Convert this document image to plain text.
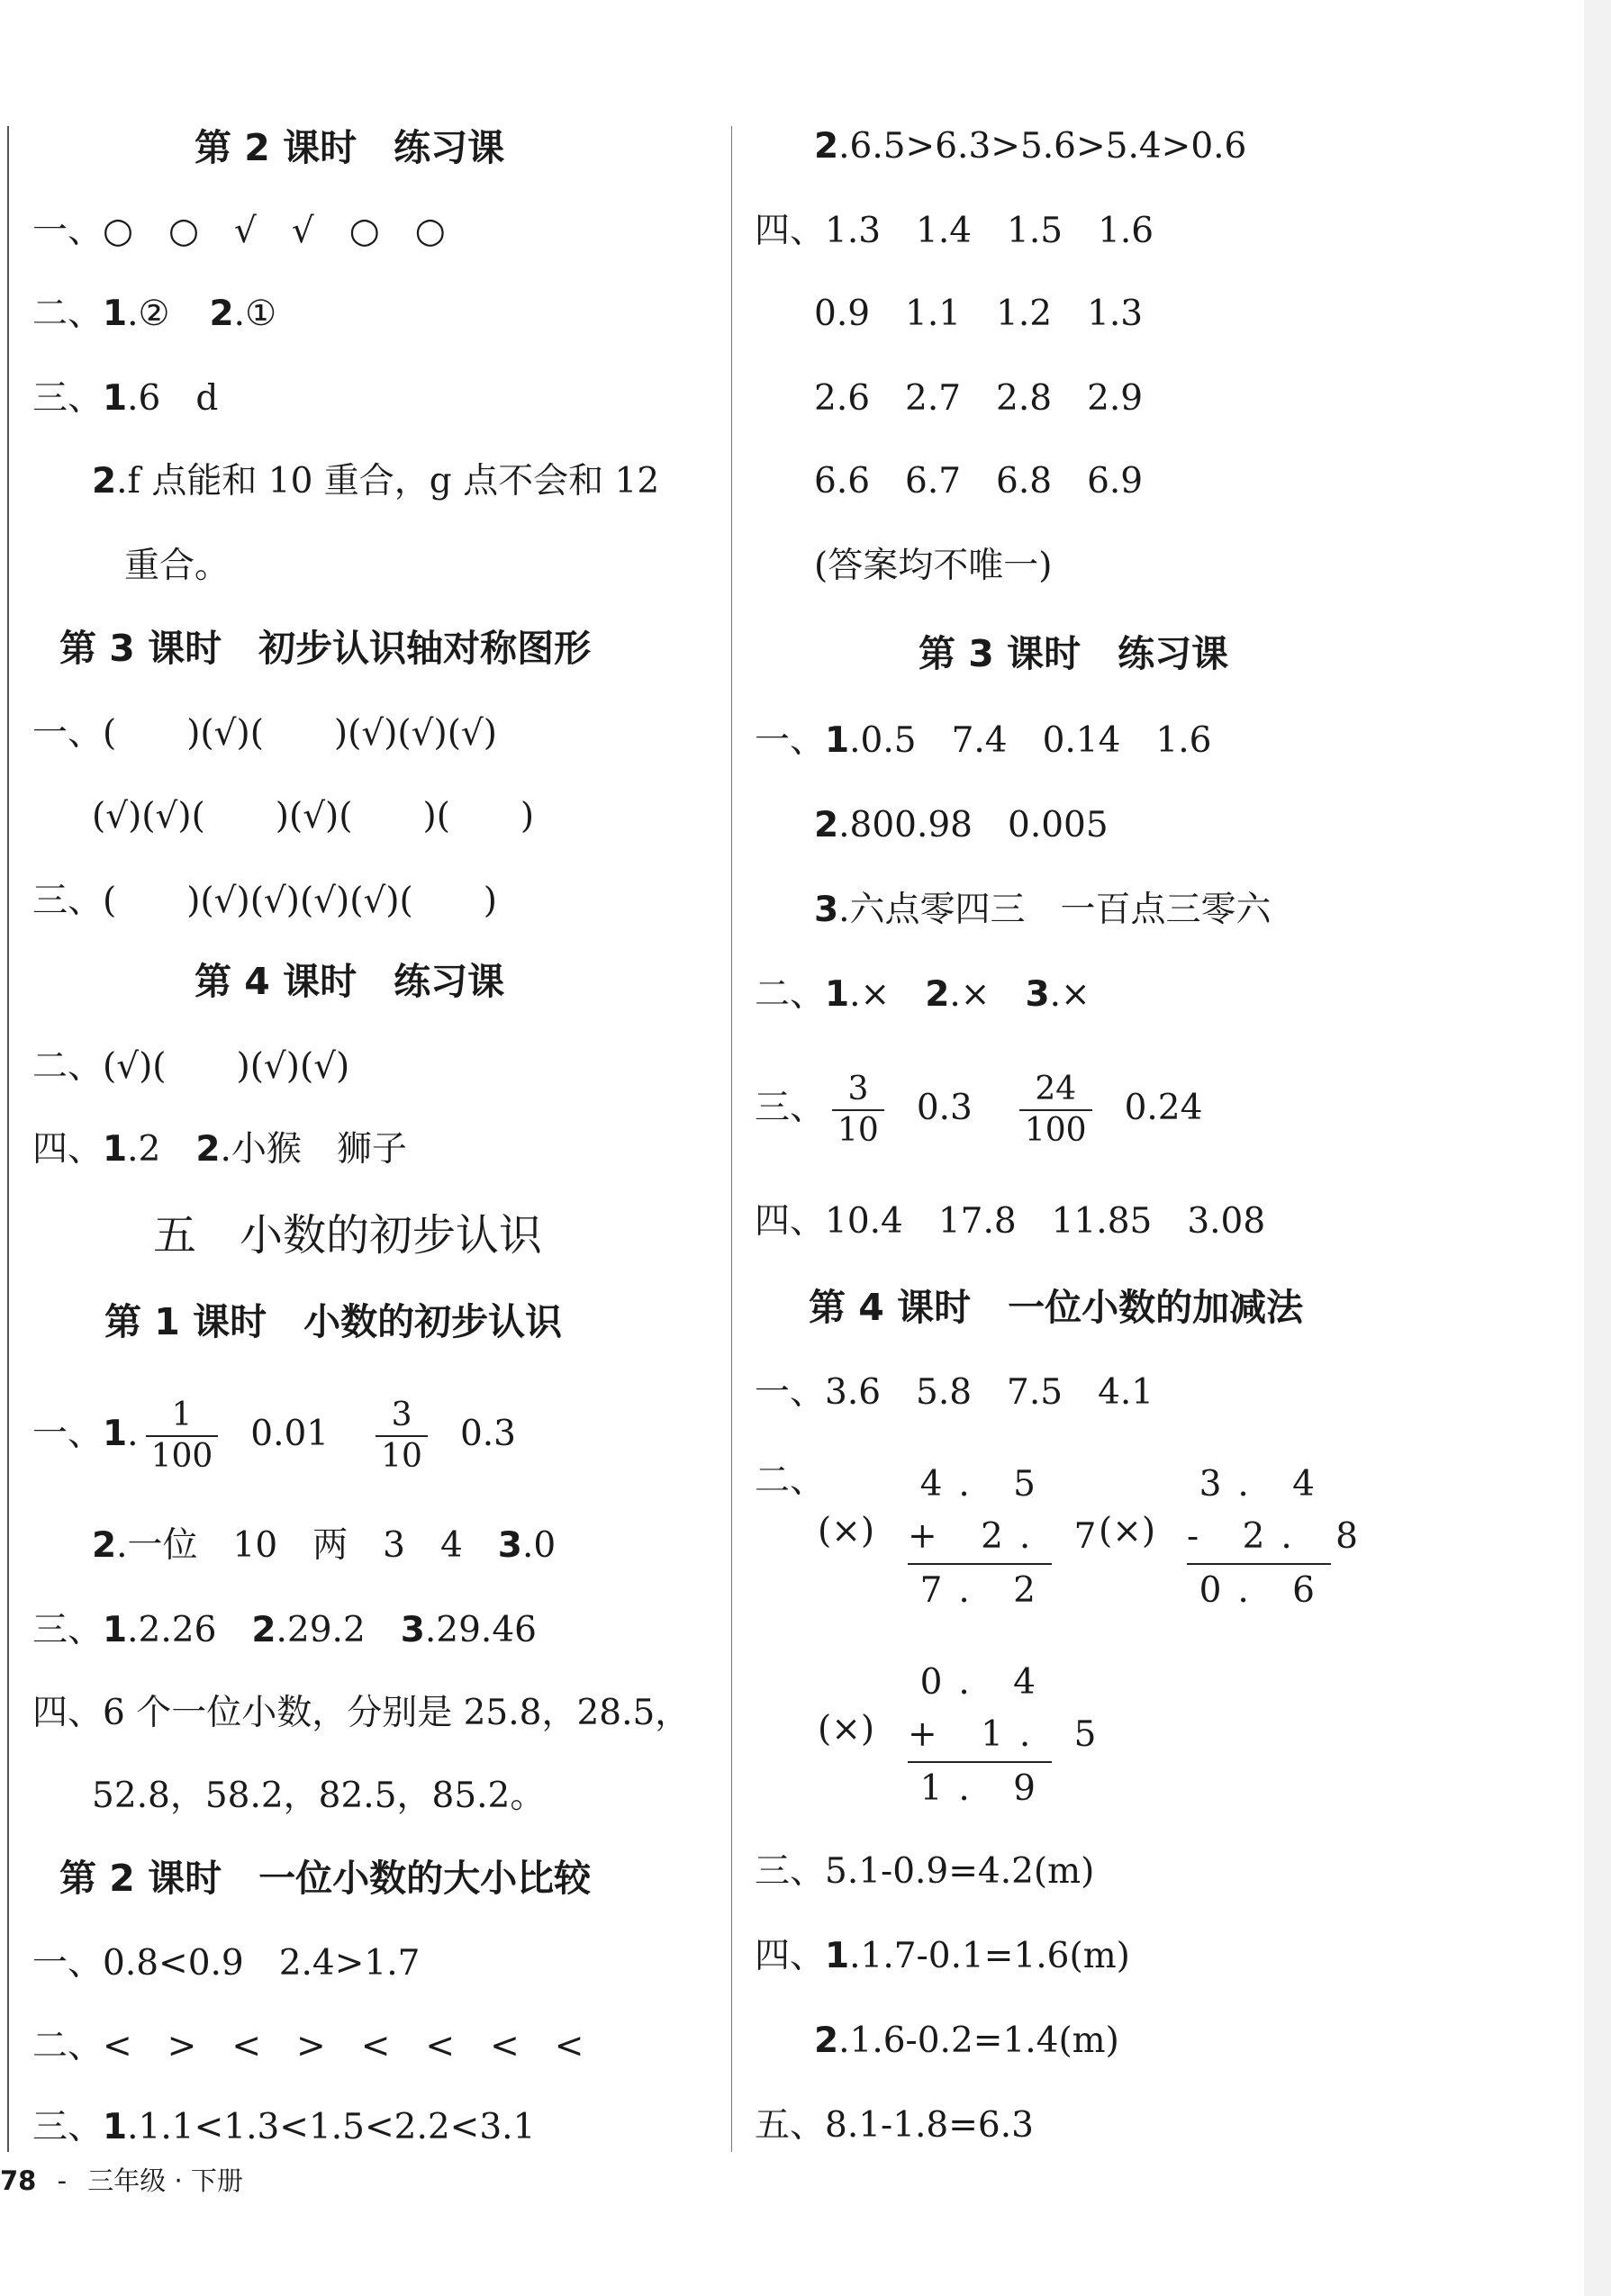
第 2 课时　练习课
一、○　○　√　√　○　○
二、1.② 2.①
三、1.6　d
2.f 点能和 10 重合，g 点不会和 12
重合。
第 3 课时　初步认识轴对称图形
一、(　　)(√)(　　)(√)(√)(√)
(√)(√)(　　)(√)(　　)(　　)
三、(　　)(√)(√)(√)(√)(　　)
第 4 课时　练习课
二、(√)(　　)(√)(√)
四、1.2　2.小猴　狮子
五　小数的初步认识
第 1 课时　小数的初步认识
一、1. $\frac{1}{100} 0.01 \frac{3}{10} 0.3$
2.一位　10　两　3　4　3.0
三、1.2.26　2.29.2　3.29.46
四、6 个一位小数，分别是 25.8，28.5，
52.8，58.2，82.5，85.2。
第 2 课时　一位小数的大小比较
一、0.8<0.9　2.4>1.7
二、<　>　<　>　<　<　<　<
三、1.1.1<1.3<1.5<2.2<3.1
2.6.5>6.3>5.6>5.4>0.6
四、1.3　1.4　1.5　1.6
0.9　1.1　1.2　1.3
2.6　2.7　2.8　2.9
6.6　6.7　6.8　6.9
(答案均不唯一)
第 3 课时　练习课
一、1.0.5　7.4　0.14　1.6
2.800.98　0.005
3.六点零四三　一百点三零六
二、1.×　2.×　3.×
三、 $\frac{3}{10} 0.3 \frac{24}{100} 0.24$
四、10.4　17.8　11.85　3.08
第 4 课时　一位小数的加减法
一、3.6　5.8　7.5　4.1
二、
(×)
4. 5
+ 2. 7
7. 2
(×)
3. 4
- 2. 8
0. 6
(×)
0. 4
+ 1. 5
1. 9
三、5.1-0.9=4.2(m)
四、1.1.7-0.1=1.6(m)
2.1.6-0.2=1.4(m)
五、8.1-1.8=6.3
78 - 三年级 · 下册
